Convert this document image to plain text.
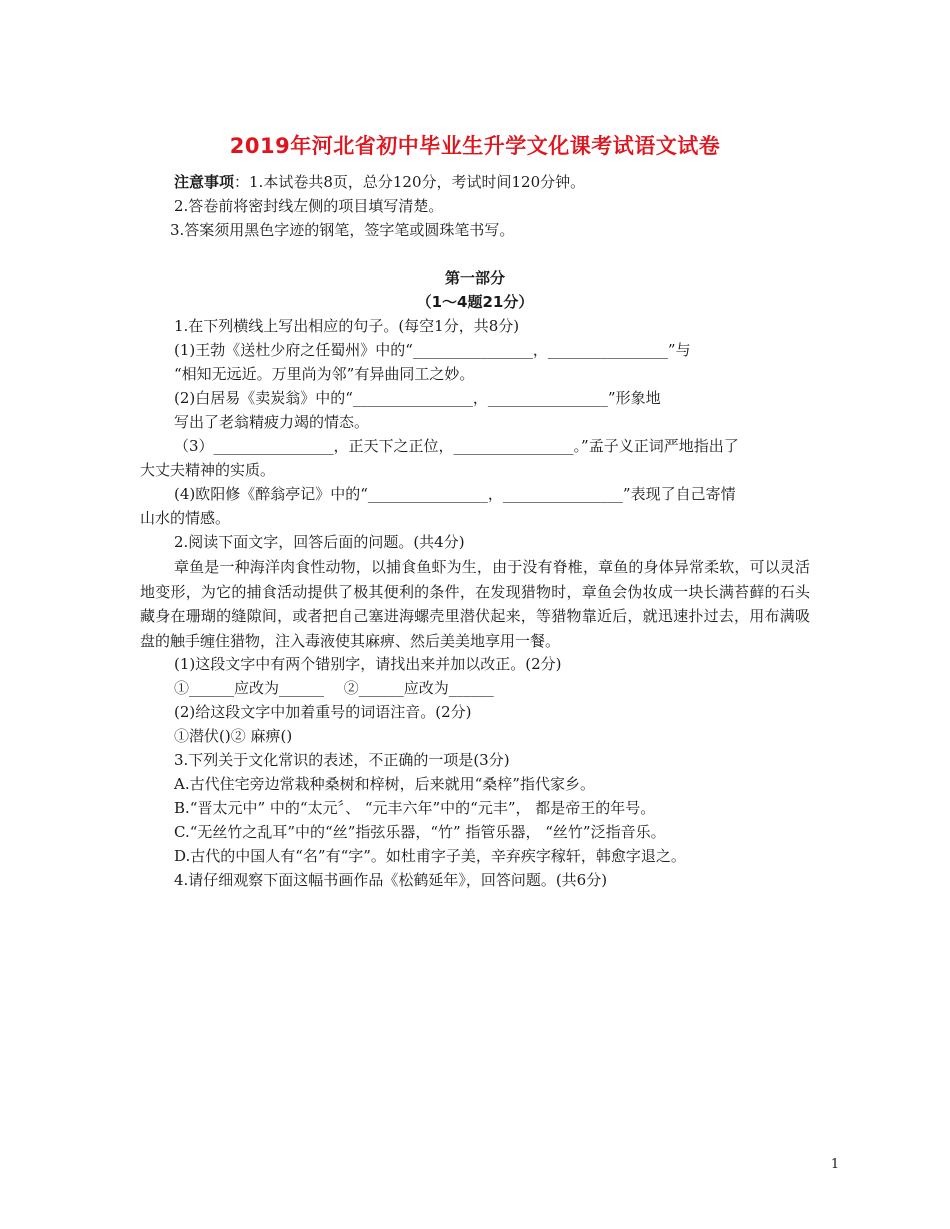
2019年河北省初中毕业生升学文化课考试语文试卷
注意事项：1.本试卷共8页，总分120分，考试时间120分钟。
2.答卷前将密封线左侧的项目填写清楚。
3.答案须用黑色字迹的钢笔，签字笔或圆珠笔书写。
第一部分
（1～4题21分）
1.在下列横线上写出相应的句子。(每空1分，共8分)
(1)王勃《送杜少府之任蜀州》中的“________________，________________”与
“相知无远近。万里尚为邻”有异曲同工之妙。
(2)白居易《卖炭翁》中的“________________，________________”形象地
写出了老翁精疲力竭的情态。
（3）________________，正天下之正位，________________。”孟子义正词严地指出了
大丈夫精神的实质。
(4)欧阳修《醉翁亭记》中的“________________，________________”表现了自己寄情
山水的情感。
2.阅读下面文字，回答后面的问题。(共4分)
章鱼是一种海洋肉食性动物，以捕食鱼虾为生，由于没有脊椎，章鱼的身体异常柔软，可以灵活地变形，为它的捕食活动提供了极其便利的条件，在发现猎物时，章鱼会伪妆成一块长满苔藓的石头藏身在珊瑚的缝隙间，或者把自己塞进海螺壳里潜伏起来，等猎物靠近后，就迅速扑过去，用布满吸盘的触手缠住猎物，注入毒液使其麻痹、然后美美地享用一餐。
(1)这段文字中有两个错别字，请找出来并加以改正。(2分)
①______应改为______　 ②______应改为______
(2)给这段文字中加着重号的词语注音。(2分)
①潜伏()② 麻痹()
3.下列关于文化常识的表述，不正确的一项是(3分)
A.古代住宅旁边常栽种桑树和梓树，后来就用“桑梓”指代家乡。
B.“晋太元中” 中的“太元〞、 “元丰六年”中的“元丰”， 都是帝王的年号。
C.“无丝竹之乱耳”中的“丝”指弦乐器，“竹” 指管乐器， “丝竹”泛指音乐。
D.古代的中国人有“名”有“字”。如杜甫字子美，辛弃疾字稼轩，韩愈字退之。
4.请仔细观察下面这幅书画作品《松鹤延年》，回答问题。(共6分)
1
